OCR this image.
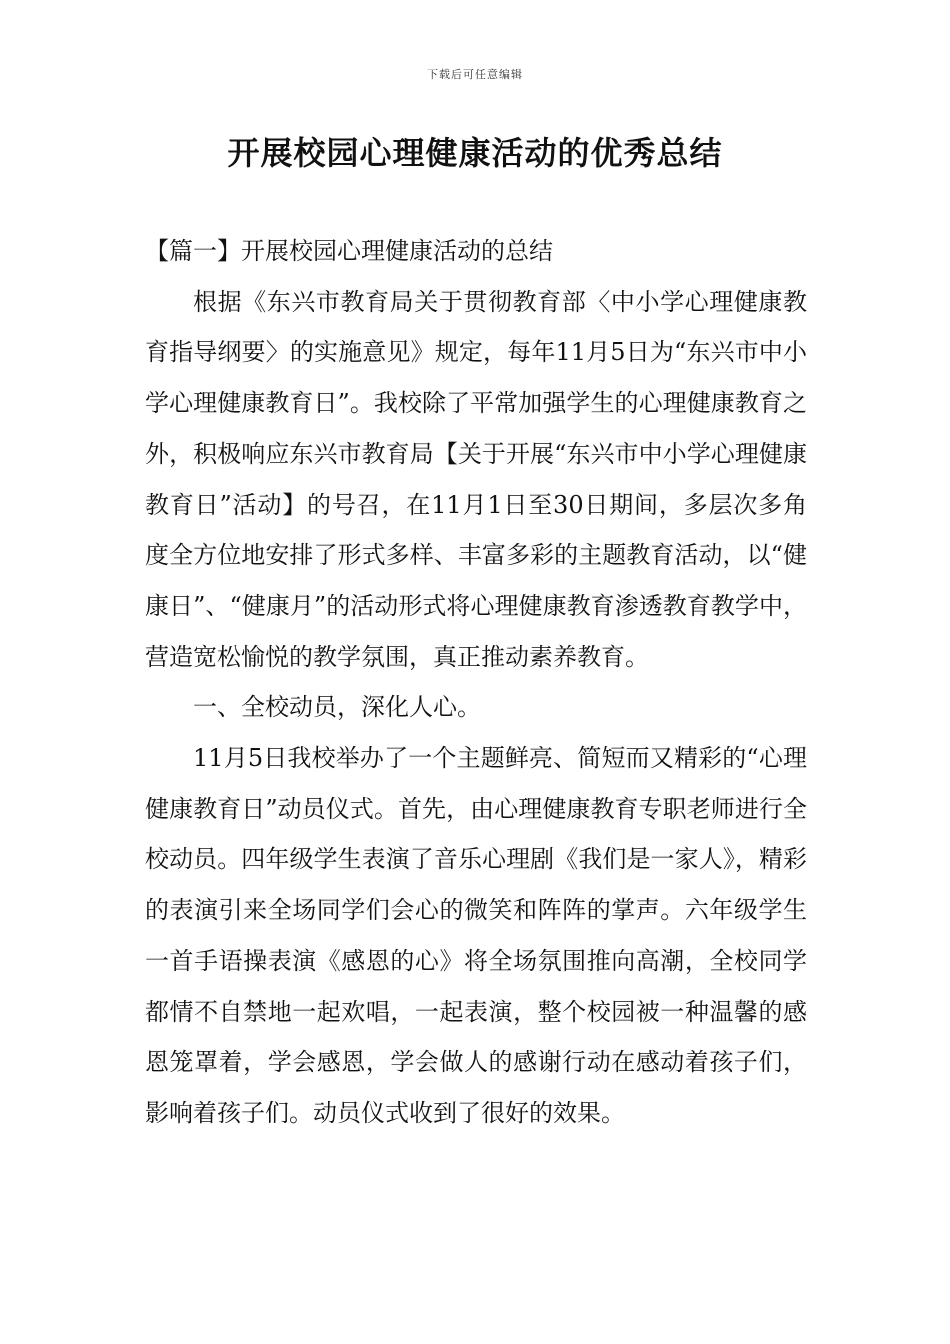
下载后可任意编辑
开展校园心理健康活动的优秀总结

【篇一】开展校园心理健康活动的总结

根据《东兴市教育局关于贯彻教育部〈中小学心理健康教育指导纲要〉的实施意见》规定，每年11月5日为“东兴市中小学心理健康教育日”。我校除了平常加强学生的心理健康教育之外，积极响应东兴市教育局【关于开展“东兴市中小学心理健康教育日”活动】的号召，在11月1日至30日期间，多层次多角度全方位地安排了形式多样、丰富多彩的主题教育活动，以“健康日”、“健康月”的活动形式将心理健康教育渗透教育教学中，营造宽松愉悦的教学氛围，真正推动素养教育。

一、全校动员，深化人心。

11月5日我校举办了一个主题鲜亮、简短而又精彩的“心理健康教育日”动员仪式。首先，由心理健康教育专职老师进行全校动员。四年级学生表演了音乐心理剧《我们是一家人》，精彩的表演引来全场同学们会心的微笑和阵阵的掌声。六年级学生一首手语操表演《感恩的心》将全场氛围推向高潮，全校同学都情不自禁地一起欢唱，一起表演，整个校园被一种温馨的感恩笼罩着，学会感恩，学会做人的感谢行动在感动着孩子们，影响着孩子们。动员仪式收到了很好的效果。
